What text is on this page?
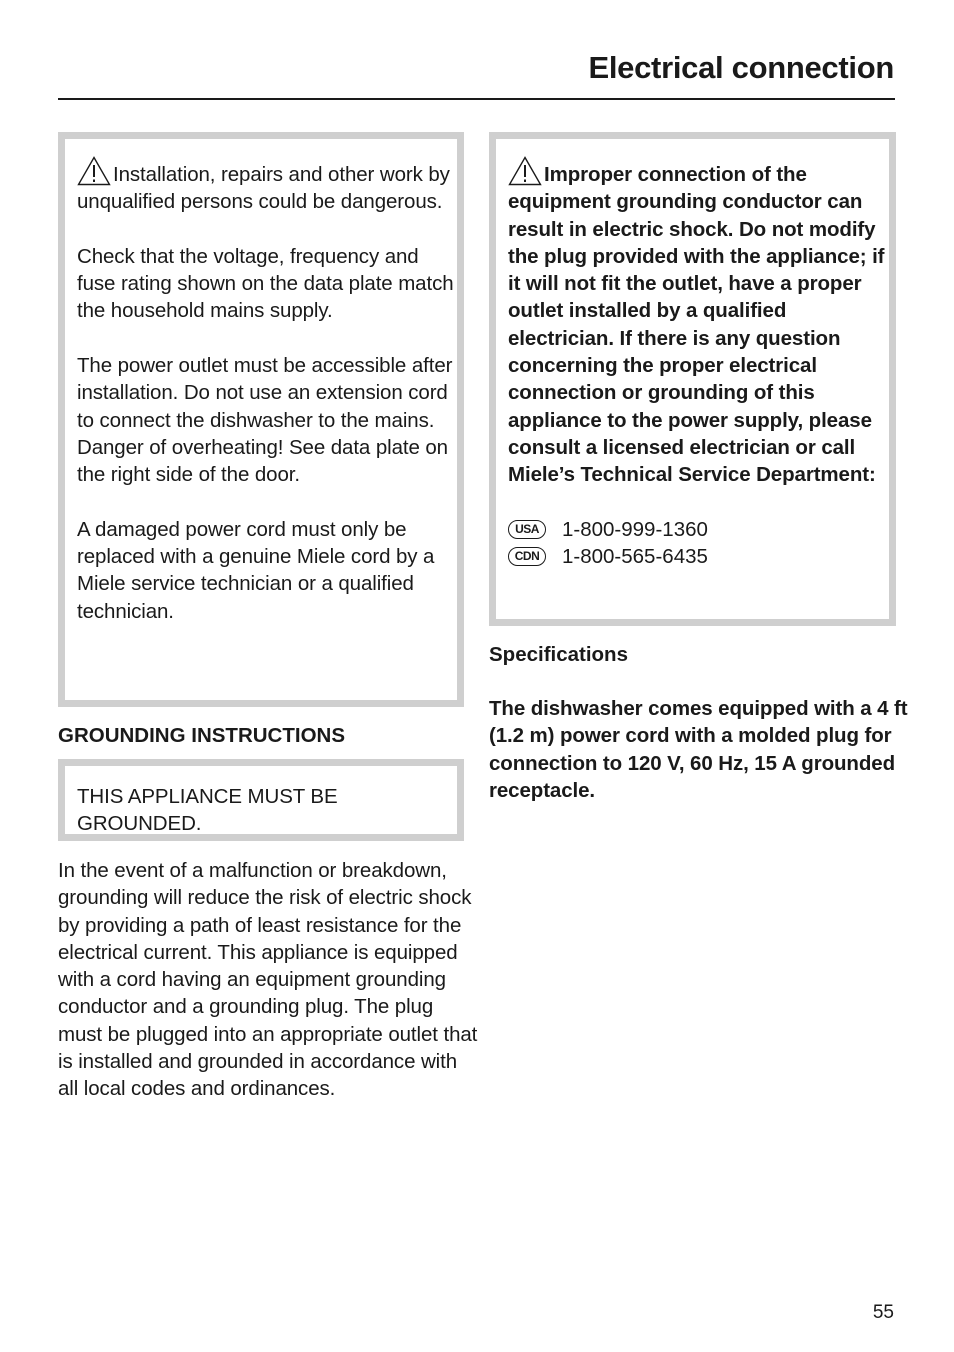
Electrical connection

Installation, repairs and other work by unqualified persons could be dangerous.

Check that the voltage, frequency and fuse rating shown on the data plate match the household mains supply.

The power outlet must be accessible after installation. Do not use an extension cord to connect the dishwasher to the mains. Danger of overheating! See data plate on the right side of the door.

A damaged power cord must only be replaced with a genuine Miele cord by a Miele service technician or a qualified technician.

GROUNDING INSTRUCTIONS
THIS APPLIANCE MUST BE GROUNDED.
In the event of a malfunction or breakdown, grounding will reduce the risk of electric shock by providing a path of least resistance for the electrical current. This appliance is equipped with a cord having an equipment grounding conductor and a grounding plug. The plug must be plugged into an appropriate outlet that is installed and grounded in accordance with all local codes and ordinances.

Improper connection of the equipment grounding conductor can result in electric shock. Do not modify the plug provided with the appliance; if it will not fit the outlet, have a proper outlet installed by a qualified electrician. If there is any question concerning the proper electrical connection or grounding of this appliance to the power supply, please consult a licensed electrician or call Miele’s Technical Service Department:

USA	1-800-999-1360
CDN	1-800-565-6435
Specifications
The dishwasher comes equipped with a 4 ft (1.2 m) power cord with a molded plug for connection to 120 V, 60 Hz, 15 A grounded receptacle.
55
